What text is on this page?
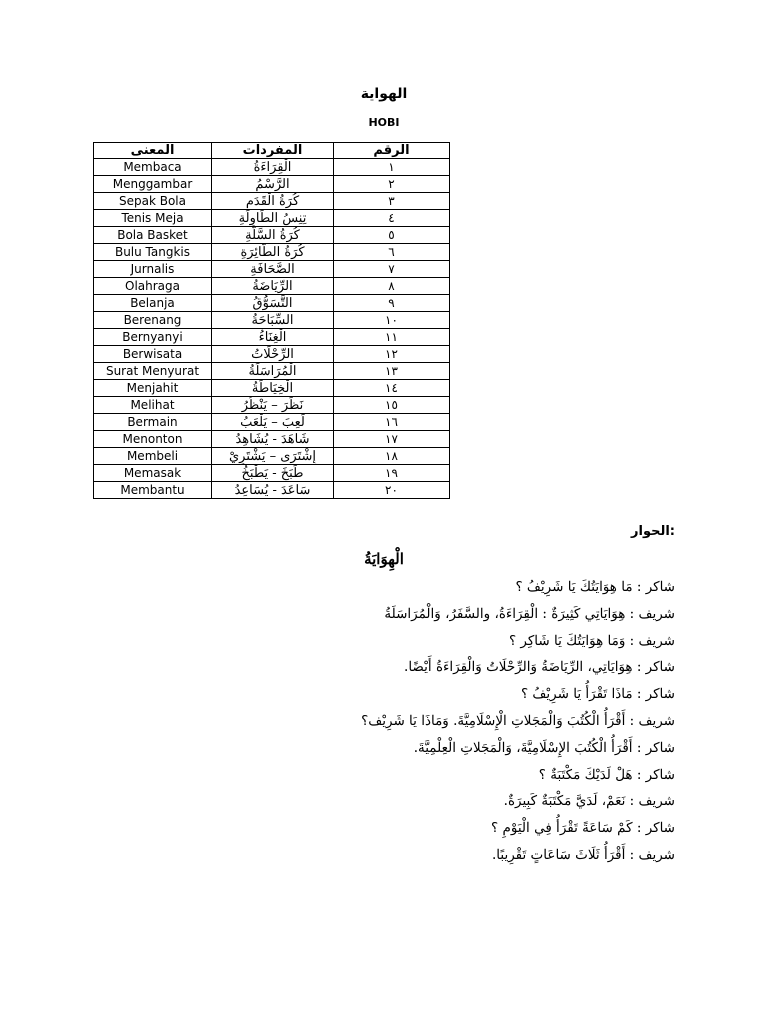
الهواية
HOBI
المعنى	المفردات	الرقم
Membaca	الْقِرَاءَةُ	١
Menggambar	الرَّسْمُ	٢
Sepak Bola	كُرَةُ الْقَدَمِ	٣
Tenis Meja	تِنِسُ الطَاوِلَةِ	٤
Bola Basket	كُرَةُ السَّلَّةِ	٥
Bulu Tangkis	كُرَةُ الطَّائِرَةِ	٦
Jurnalis	الصَّحَافَةِ	٧
Olahraga	الرِّيَاضَةُ	٨
Belanja	التَّسَوُّقُ	٩
Berenang	السِّبَاحَةُ	١٠
Bernyanyi	الْغِنَاءُ	١١
Berwisata	الرِّحْلَاتُ	١٢
Surat Menyurat	الْمُرَاسَلَةُ	١٣
Menjahit	الْخِيَاطَةُ	١٤
Melihat	نَظَرَ – يَنْظُرُ	١٥
Bermain	لَعِبَ – يَلْعَبُ	١٦
Menonton	شَاهَدَ - يُشَاهِدُ	١٧
Membeli	إِشْتَرَى – يَشْتَرِيْ	١٨
Memasak	طَبَخَ - يَطْبَخُ	١٩
Membantu	سَاعَدَ - يُسَاعِدُ	٢٠
الحوار:
الْهِوَايَةُ
شاكر : مَا هِوَايَتُكَ يَا شَرِيْفُ ؟
شريف : هِوَايَاتِي كَثِيرَةٌ : الْقِرَاءَةُ، والسَّفَرُ، وَالْمُرَاسَلَةُ
شريف : وَمَا هِوَايَتُكَ يَا شَاكِر ؟
شاكر : هِوَايَاتِي، الرِّيَاضَةُ وَالرِّحْلَاتُ وَالْقِرَاءَةُ أَيْضًا.
شاكر : مَاذَا تَقْرَأُ يَا شَرِيْفُ ؟
شريف : أَقْرَأُ الْكُتُبَ وَالْمَجَلاتِ الْإِسْلَامِيَّةَ. وَمَاذَا يَا شَرِيْف؟
شاكر : أَقْرَأُ الْكُتُبَ الإِسْلَامِيَّةَ، وَالْمَجَلاتِ الْعِلْمِيَّةَ.
شاكر : هَلْ لَدَيْكَ مَكْتَبَةٌ ؟
شريف : نَعَمْ، لَدَيَّ مَكْتَبَةٌ كَبِيرَةٌ.
شاكر : كَمْ سَاعَةً تَقْرَأُ فِي الْيَوْمِ ؟
شريف : أَقْرَأُ ثَلَاثَ سَاعَاتٍ تَقْرِيبًا.
